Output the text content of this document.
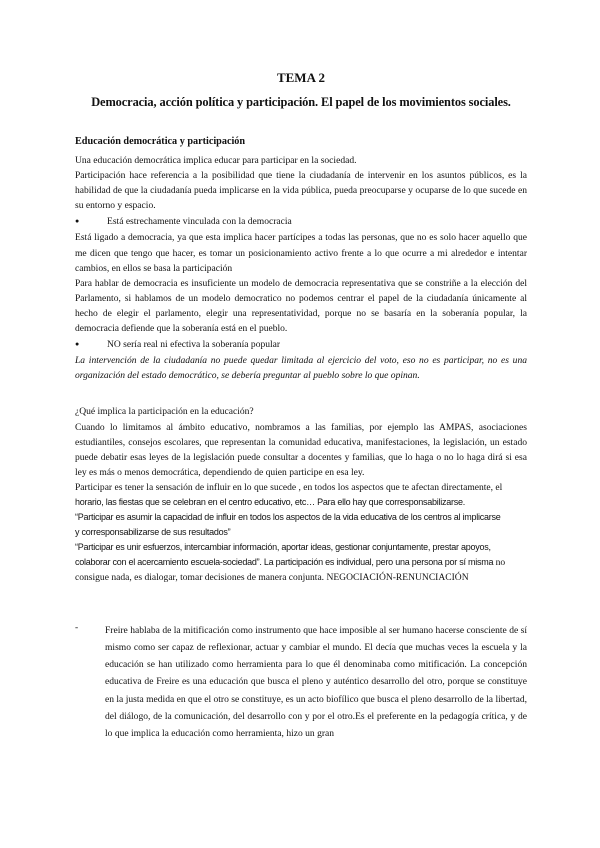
TEMA 2
Democracia, acción política y participación. El papel de los movimientos sociales.
Educación democrática y participación

Una educación democrática implica educar para participar en la sociedad.

Participación hace referencia a la posibilidad que tiene la ciudadanía de intervenir en los asuntos públicos, es la habilidad de que la ciudadanía pueda implicarse en la vida pública, pueda preocuparse y ocuparse de lo que sucede en su entorno y espacio.

● Está estrechamente vinculada con la democracia

Está ligado a democracia, ya que esta implica hacer partícipes a todas las personas, que no es solo hacer aquello que me dicen que tengo que hacer, es tomar un posicionamiento activo frente a lo que ocurre a mi alrededor e intentar cambios, en ellos se basa la participación

Para hablar de democracia es insuficiente un modelo de democracia representativa que se constriñe a la elección del Parlamento, si hablamos de un modelo democratico no podemos centrar el papel de la ciudadanía únicamente al hecho de elegir el parlamento, elegir una representatividad, porque no se basaría en la soberanía popular, la democracia defiende que la soberanía está en el pueblo.

● NO sería real ni efectiva la soberanía popular

La intervención de la ciudadanía no puede quedar limitada al ejercicio del voto, eso no es participar, no es una organización del estado democrático, se debería preguntar al pueblo sobre lo que opinan.

¿Qué implica la participación en la educación?

Cuando lo limitamos al ámbito educativo, nombramos a las familias, por ejemplo las AMPAS, asociaciones estudiantiles, consejos escolares, que representan la comunidad educativa, manifestaciones, la legislación, un estado puede debatir esas leyes de la legislación puede consultar a docentes y familias, que lo haga o no lo haga dirá si esa ley es más o menos democrática, dependiendo de quien participe en esa ley.

Participar es tener la sensación de influir en lo que sucede , en todos los aspectos que te afectan directamente, el

horario, las fiestas que se celebran en el centro educativo, etc… Para ello hay que corresponsabilizarse.

“Participar es asumir la capacidad de influir en todos los aspectos de la vida educativa de los centros al implicarse

y corresponsabilizarse de sus resultados”

“Participar es unir esfuerzos, intercambiar información, aportar ideas, gestionar conjuntamente, prestar apoyos,

colaborar con el acercamiento escuela-sociedad”. La participación es individual, pero una persona por sí misma no

consigue nada, es dialogar, tomar decisiones de manera conjunta. NEGOCIACIÓN-RENUNCIACIÓN

-	Freire hablaba de la mitificación como instrumento que hace imposible al ser humano hacerse consciente de sí mismo como ser capaz de reflexionar, actuar y cambiar el mundo. El decía que muchas veces la escuela y la educación se han utilizado como herramienta para lo que él denominaba como mitificación. La concepción educativa de Freire es una educación que busca el pleno y auténtico desarrollo del otro, porque se constituye en la justa medida en que el otro se constituye, es un acto biofílico que busca el pleno desarrollo de la libertad, del diálogo, de la comunicación, del desarrollo con y por el otro.Es el preferente en la pedagogía crítica, y de lo que implica la educación como herramienta, hizo un gran
